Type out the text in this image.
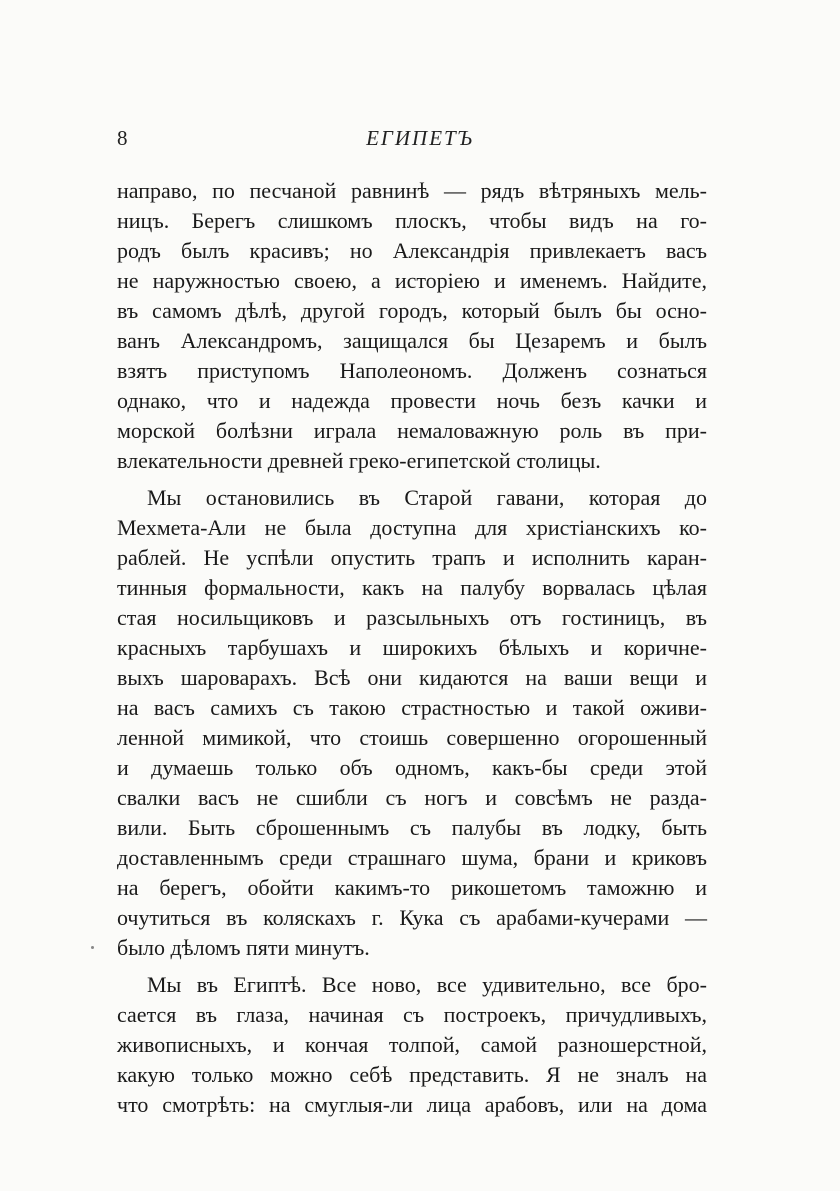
8	ЕГИПЕТЪ
направо, по песчаной равнинѣ — рядъ вѣтряныхъ мель-
ницъ. Берегъ слишкомъ плоскъ, чтобы видъ на го-
родъ былъ красивъ; но Александрія привлекаетъ васъ
не наружностью своею, а исторіею и именемъ. Найдите,
въ самомъ дѣлѣ, другой городъ, который былъ бы осно-
ванъ Александромъ, защищался бы Цезаремъ и былъ
взятъ приступомъ Наполеономъ. Долженъ сознаться
однако, что и надежда провести ночь безъ качки и
морской болѣзни играла немаловажную роль въ при-
влекательности древней греко-египетской столицы.
Мы остановились въ Старой гавани, которая до
Мехмета-Али не была доступна для христіанскихъ ко-
раблей. Не успѣли опустить трапъ и исполнить каран-
тинныя формальности, какъ на палубу ворвалась цѣлая
стая носильщиковъ и разсыльныхъ отъ гостиницъ, въ
красныхъ тарбушахъ и широкихъ бѣлыхъ и коричне-
выхъ шароварахъ. Всѣ они кидаются на ваши вещи и
на васъ самихъ съ такою страстностью и такой оживи-
ленной мимикой, что стоишь совершенно огорошенный
и думаешь только объ одномъ, какъ-бы среди этой
свалки васъ не сшибли съ ногъ и совсѣмъ не разда-
вили. Быть сброшеннымъ съ палубы въ лодку, быть
доставленнымъ среди страшнаго шума, брани и криковъ
на берегъ, обойти какимъ-то рикошетомъ таможню и
очутиться въ коляскахъ г. Кука съ арабами-кучерами —
было дѣломъ пяти минутъ.
Мы въ Египтѣ. Все ново, все удивительно, все бро-
сается въ глаза, начиная съ построекъ, причудливыхъ,
живописныхъ, и кончая толпой, самой разношерстной,
какую только можно себѣ представить. Я не зналъ на
что смотрѣть: на смуглыя-ли лица арабовъ, или на дома
